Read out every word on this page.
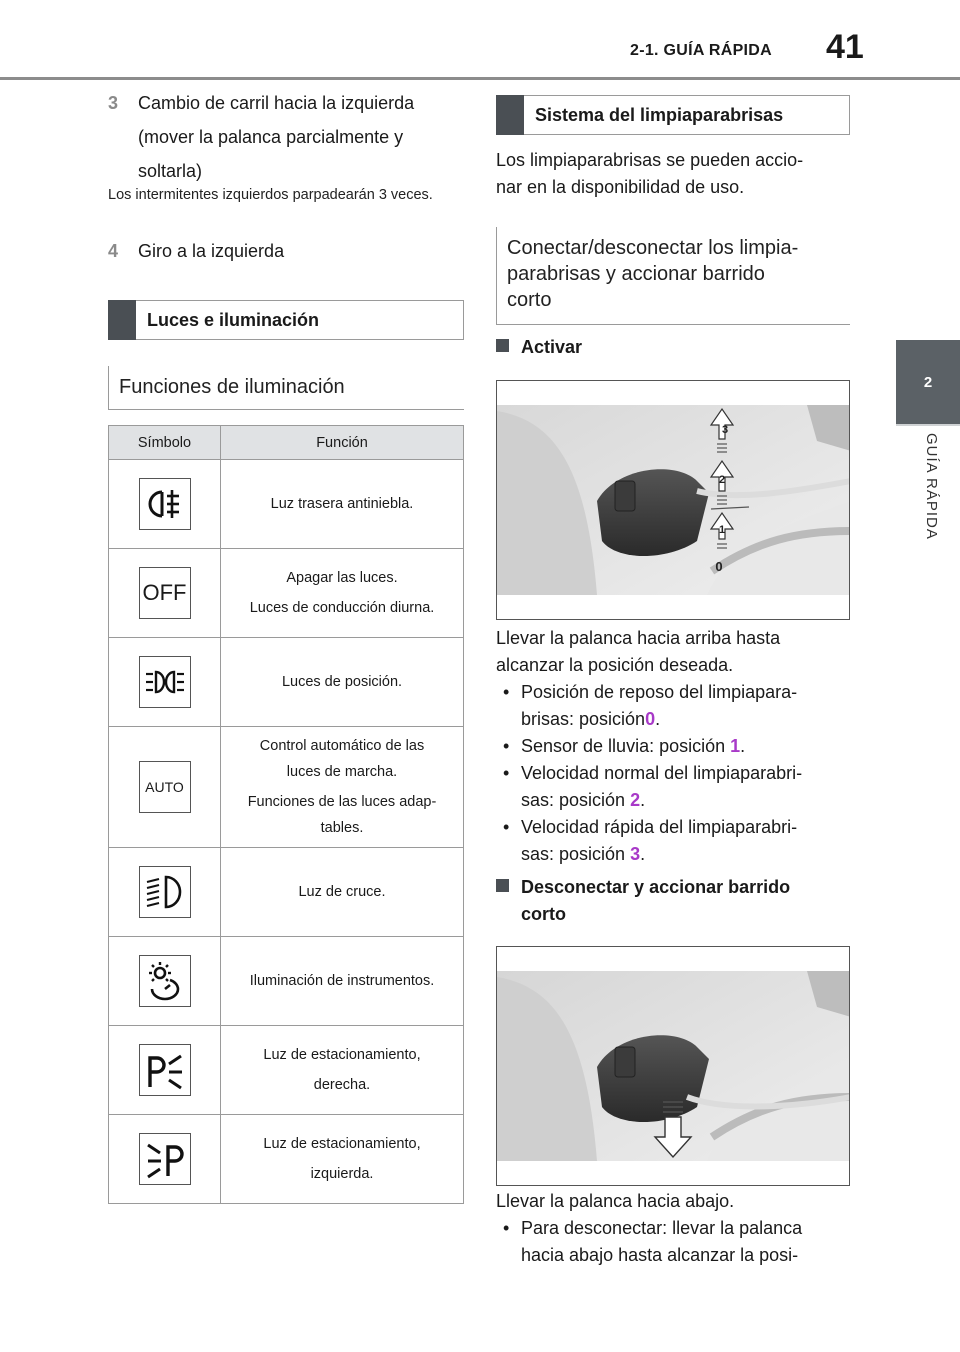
2-1. GUÍA RÁPIDA 41
2
GUÍA RÁPIDA
3 Cambio de carril hacia la izquierda
(mover la palanca parcialmente y
soltarla)
Los intermitentes izquierdos parpadearán 3 veces.
4 Giro a la izquierda
Luces e iluminación
Funciones de iluminación
Símbolo	Función

Luz trasera antiniebla.

OFF	Apagar las luces.
Luces de conducción diurna.

Luces de posición.

AUTO	Control automático de las
luces de marcha.
Funciones de las luces adap-
tables.

Luz de cruce.

Iluminación de instrumentos.

Luz de estacionamiento,
derecha.

Luz de estacionamiento,
izquierda.
Sistema del limpiaparabrisas
Los limpiaparabrisas se pueden accio-
nar en la disponibilidad de uso.
Conectar/desconectar los limpia-
parabrisas y accionar barrido
corto
Activar
1
2
3
0
Llevar la palanca hacia arriba hasta
alcanzar la posición deseada.
• Posición de reposo del limpiapara-
brisas: posición0.
• Sensor de lluvia: posición 1.
• Velocidad normal del limpiaparabri-
sas: posición 2.
• Velocidad rápida del limpiaparabri-
sas: posición 3.
Desconectar y accionar barrido
corto
Llevar la palanca hacia abajo.
• Para desconectar: llevar la palanca
hacia abajo hasta alcanzar la posi-
